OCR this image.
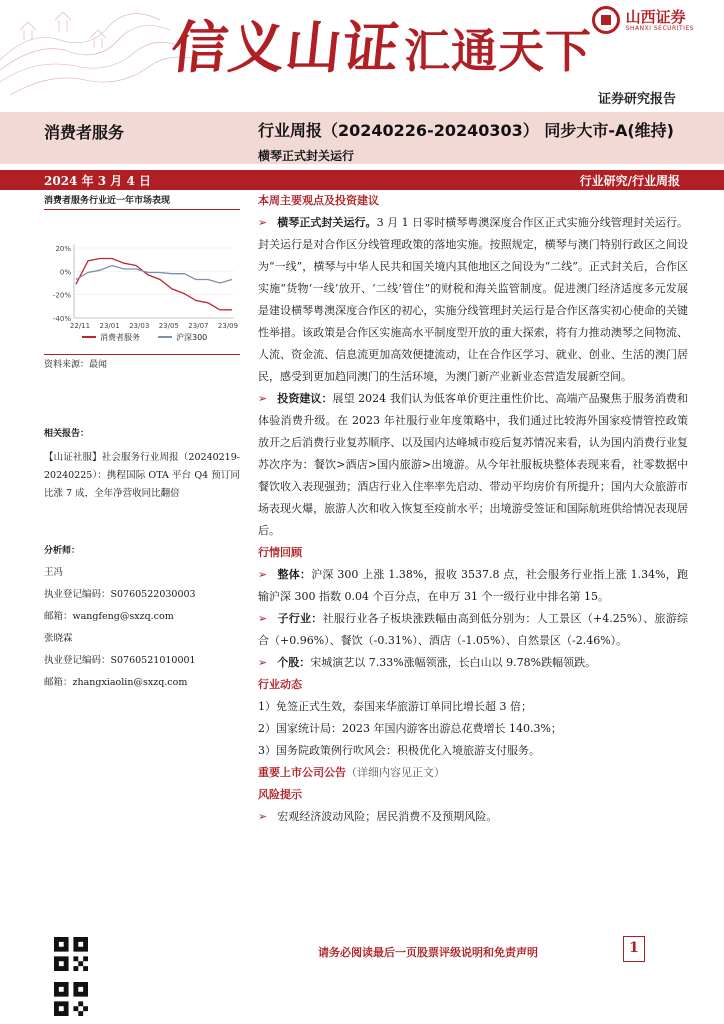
信义山证汇通天下
山西证券
SHANXI SECURITIES
证券研究报告
消费者服务	行业周报（20240226-20240303） 同步大市-A(维持)
横琴正式封关运行
2024 年 3 月 4 日	行业研究/行业周报
消费者服务行业近一年市场表现
20%
0%
-20%
-40%
22/11 23/01 23/03 23/05 23/07 23/09
消费者服务	沪深300
资料来源：最闻
相关报告：
【山证社服】社会服务行业周报（20240219-20240225）：携程国际 OTA 平台 Q4 预订同比涨 7 成，全年净营收同比翻倍
分析师：
王冯
执业登记编码：S0760522030003
邮箱：wangfeng@sxzq.com
张晓霖
执业登记编码：S0760521010001
邮箱：zhangxiaolin@sxzq.com
本周主要观点及投资建议
➢ 横琴正式封关运行。3 月 1 日零时横琴粤澳深度合作区正式实施分线管理封关运行。封关运行是对合作区分线管理政策的落地实施。按照规定，横琴与澳门特别行政区之间设为“一线”，横琴与中华人民共和国关境内其他地区之间设为“二线”。正式封关后，合作区实施“货物‘一线’放开、‘二线’管住”的财税和海关监管制度。促进澳门经济适度多元发展是建设横琴粤澳深度合作区的初心，实施分线管理封关运行是合作区落实初心使命的关键性举措。该政策是合作区实施高水平制度型开放的重大探索，将有力推动澳琴之间物流、人流、资金流、信息流更加高效便捷流动，让在合作区学习、就业、创业、生活的澳门居民，感受到更加趋同澳门的生活环境，为澳门新产业新业态营造发展新空间。
➢ 投资建议：展望 2024 我们认为低客单价更注重性价比、高端产品聚焦于服务消费和体验消费升级。在 2023 年社服行业年度策略中，我们通过比较海外国家疫情管控政策放开之后消费行业复苏顺序、以及国内达峰城市疫后复苏情况来看，认为国内消费行业复苏次序为：餐饮>酒店>国内旅游>出境游。从今年社服板块整体表现来看，社零数据中餐饮收入表现强劲；酒店行业入住率率先启动、带动平均房价有所提升；国内大众旅游市场表现火爆，旅游人次和收入恢复至疫前水平；出境游受签证和国际航班供给情况表现居后。
行情回顾
➢ 整体：沪深 300 上涨 1.38%，报收 3537.8 点，社会服务行业指上涨 1.34%，跑输沪深 300 指数 0.04 个百分点，在申万 31 个一级行业中排名第 15。
➢ 子行业：社服行业各子板块涨跌幅由高到低分别为：人工景区（+4.25%）、旅游综合（+0.96%）、餐饮（-0.31%）、酒店（-1.05%）、自然景区（-2.46%）。
➢ 个股：宋城演艺以 7.33%涨幅领涨，长白山以 9.78%跌幅领跌。
行业动态
1）免签正式生效，泰国来华旅游订单同比增长超 3 倍；
2）国家统计局：2023 年国内游客出游总花费增长 140.3%；
3）国务院政策例行吹风会：积极优化入境旅游支付服务。
重要上市公司公告（详细内容见正文）
风险提示
➢ 宏观经济波动风险；居民消费不及预期风险。
请务必阅读最后一页股票评级说明和免责声明	1
